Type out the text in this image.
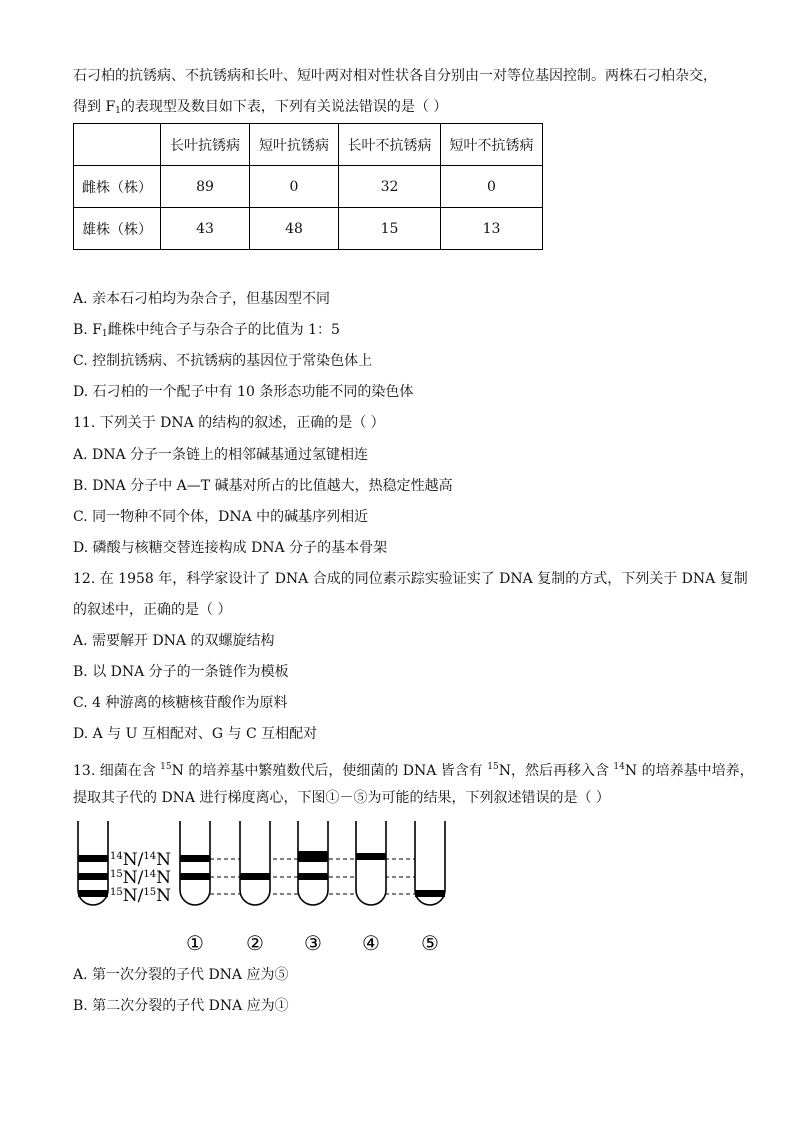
石刁柏的抗锈病、不抗锈病和长叶、短叶两对相对性状各自分别由一对等位基因控制。两株石刁柏杂交，
得到 $F_1$的表现型及数目如下表，下列有关说法错误的是（ ）
	长叶抗锈病	短叶抗锈病	长叶不抗锈病	短叶不抗锈病
雌株（株）	89	0	32	0
雄株（株）	43	48	15	13
A. 亲本石刁柏均为杂合子，但基因型不同
B. $F_1$雌株中纯合子与杂合子的比值为 1：5
C. 控制抗锈病、不抗锈病的基因位于常染色体上
D. 石刁柏的一个配子中有 10 条形态功能不同的染色体
11. 下列关于 DNA 的结构的叙述，正确的是（ ）
A. DNA 分子一条链上的相邻碱基通过氢键相连
B. DNA 分子中 A—T 碱基对所占的比值越大，热稳定性越高
C. 同一物种不同个体，DNA 中的碱基序列相近
D. 磷酸与核糖交替连接构成 DNA 分子的基本骨架
12. 在 1958 年，科学家设计了 DNA 合成的同位素示踪实验证实了 DNA 复制的方式，下列关于 DNA 复制
的叙述中，正确的是（ ）
A. 需要解开 DNA 的双螺旋结构
B. 以 DNA 分子的一条链作为模板
C. 4 种游离的核糖核苷酸作为原料
D. A 与 U 互相配对、G 与 C 互相配对
13. 细菌在含 $^{15}$N 的培养基中繁殖数代后，使细菌的 DNA 皆含有 $^{15}$N，然后再移入含 $^{14}$N 的培养基中培养，
提取其子代的 DNA 进行梯度离心，下图①－⑤为可能的结果，下列叙述错误的是（ ）
$^{14}$N/$^{14}$N
$^{15}$N/$^{14}$N
$^{15}$N/$^{15}$N
① ② ③ ④ ⑤
A. 第一次分裂的子代 DNA 应为⑤
B. 第二次分裂的子代 DNA 应为①
